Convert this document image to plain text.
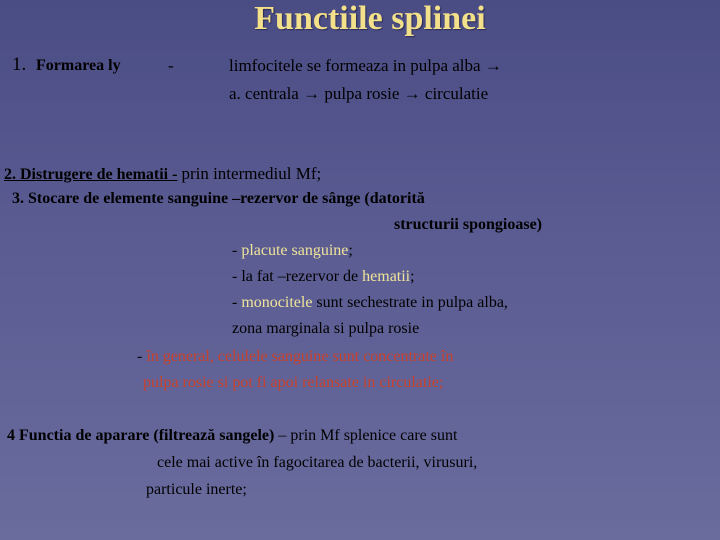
Functiile splinei
1. Formarea ly	-	limfocitele se formeaza in pulpa alba →
a. centrala → pulpa rosie → circulatie
2. Distrugere de hematii - prin intermediul Mf;
3. Stocare de elemente sanguine –rezervor de sânge (datorită
structurii spongioase)
- placute sanguine;
- la fat –rezervor de hematii;
- monocitele sunt sechestrate in pulpa alba,
zona marginala si pulpa rosie
- în general, celulele sanguine sunt concentrate în
pulpa rosie si pot fi apoi relansate in circulatie;
4 Functia de aparare (filtrează sangele) – prin Mf splenice care sunt
cele mai active în fagocitarea de bacterii, virusuri,
particule inerte;
